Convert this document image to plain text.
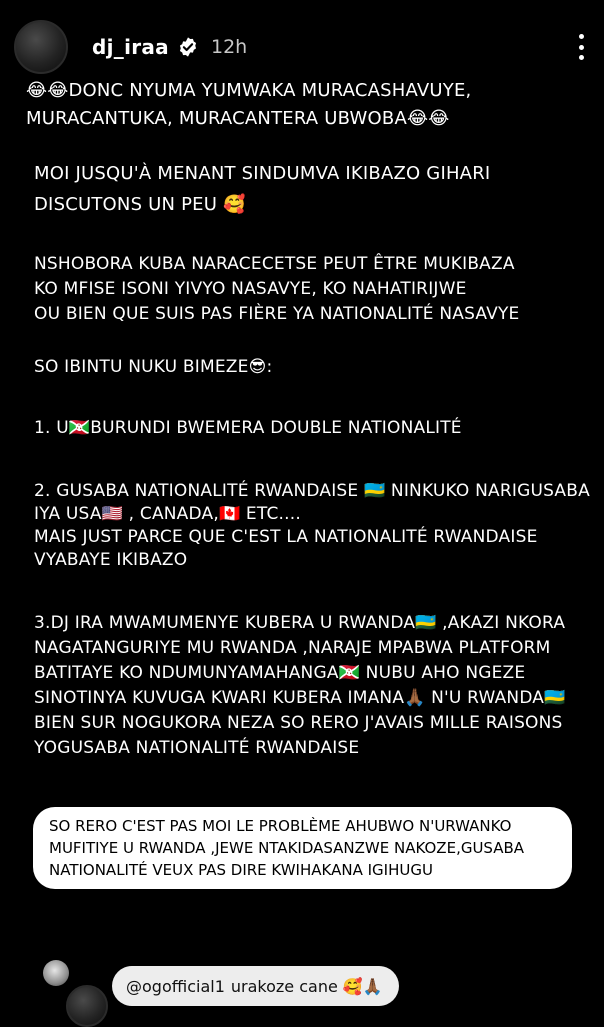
dj_iraa 12h
😂😂DONC NYUMA YUMWAKA MURACASHAVUYE,
MURACANTUKA, MURACANTERA UBWOBA😂😂
MOI JUSQU'À MENANT SINDUMVA IKIBAZO GIHARI
DISCUTONS UN PEU 🥰
NSHOBORA KUBA NARACECETSE PEUT ÊTRE MUKIBAZA
KO MFISE ISONI YIVYO NASAVYE, KO NAHATIRIJWE
OU BIEN QUE SUIS PAS FIÈRE YA NATIONALITÉ NASAVYE
SO IBINTU NUKU BIMEZE😎:
1. U🇧🇮BURUNDI BWEMERA DOUBLE NATIONALITÉ
2. GUSABA NATIONALITÉ RWANDAISE 🇷🇼 NINKUKO NARIGUSABA
IYA USA🇺🇸 , CANADA,🇨🇦 ETC....
MAIS JUST PARCE QUE C'EST LA NATIONALITÉ RWANDAISE
VYABAYE IKIBAZO
3.DJ IRA MWAMUMENYE KUBERA U RWANDA🇷🇼 ,AKAZI NKORA
NAGATANGURIYE MU RWANDA ,NARAJE MPABWA PLATFORM
BATITAYE KO NDUMUNYAMAHANGA🇧🇮 NUBU AHO NGEZE
SINOTINYA KUVUGA KWARI KUBERA IMANA🙏🏾 N'U RWANDA🇷🇼
BIEN SUR NOGUKORA NEZA SO RERO J'AVAIS MILLE RAISONS
YOGUSABA NATIONALITÉ RWANDAISE
SO RERO C'EST PAS MOI LE PROBLÈME AHUBWO N'URWANKO
MUFITIYE U RWANDA ,JEWE NTAKIDASANZWE NAKOZE,GUSABA
NATIONALITÉ VEUX PAS DIRE KWIHAKANA IGIHUGU
@ogofficial1 urakoze cane 🥰🙏🏾
